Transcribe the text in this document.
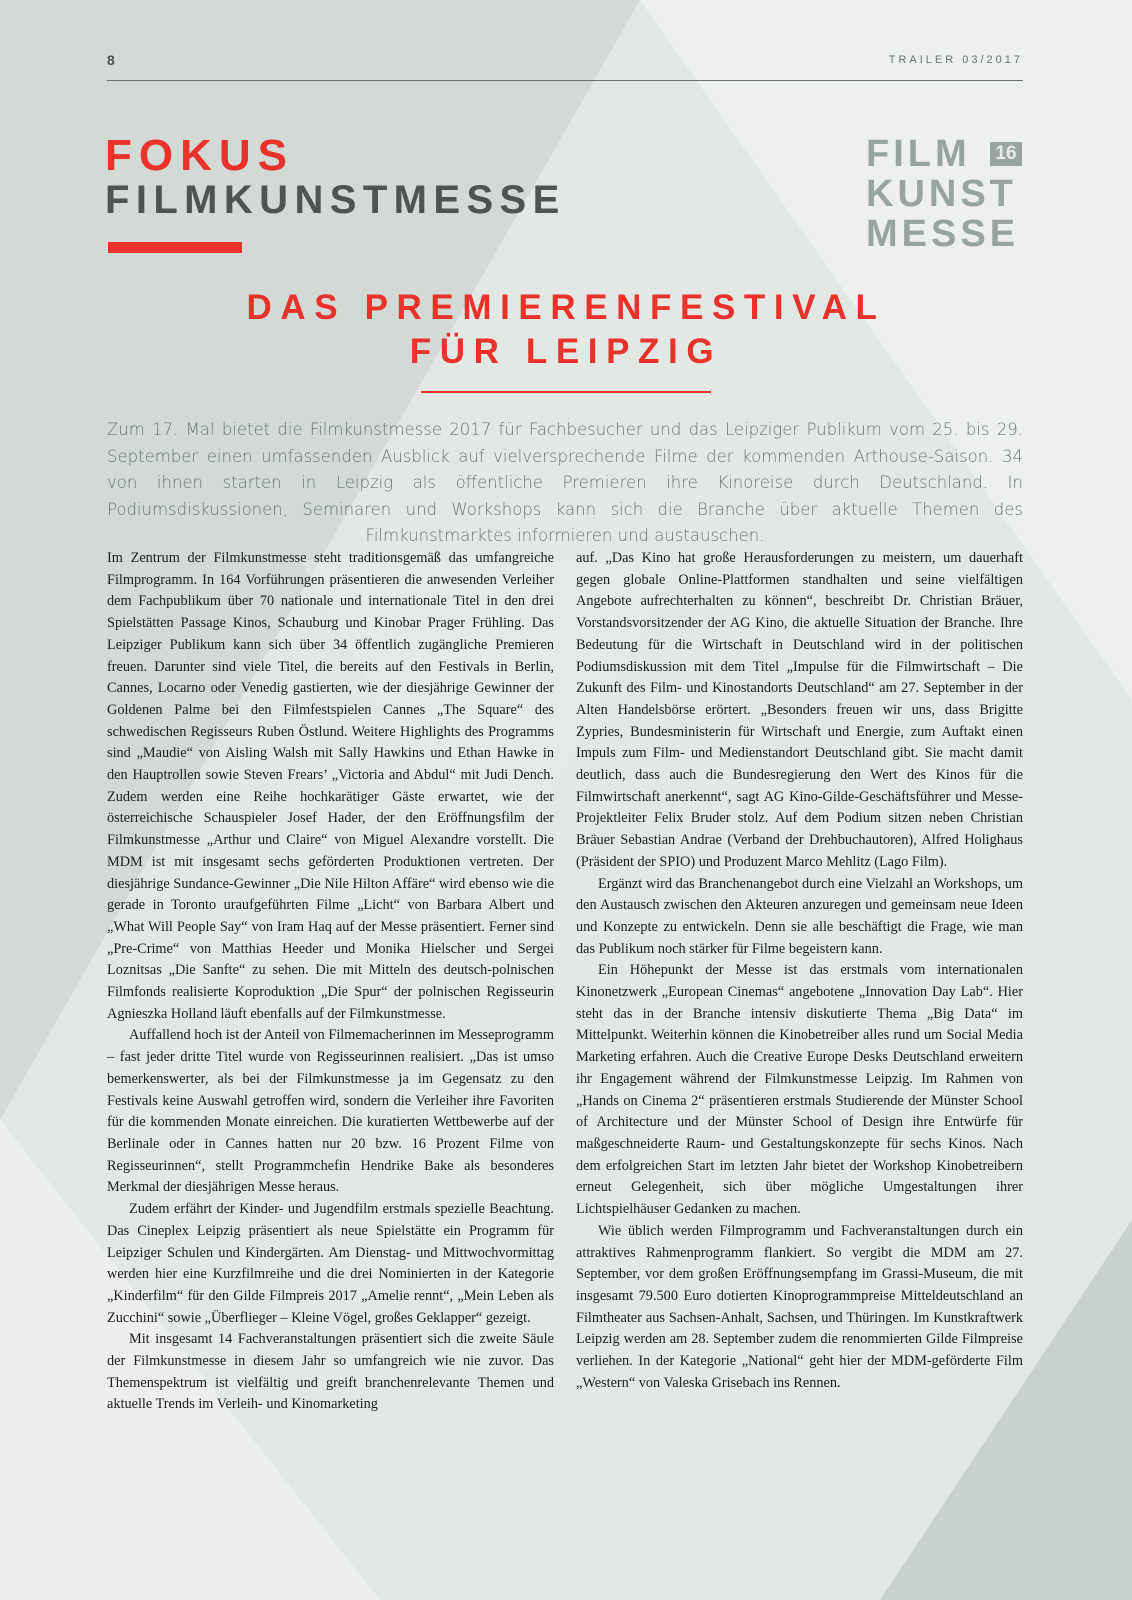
8	TRAILER 03/2017
FOKUS
FILMKUNSTMESSE
FILM
KUNST
MESSE
16
DAS PREMIERENFESTIVAL
FÜR LEIPZIG
Zum 17. Mal bietet die Filmkunstmesse 2017 für Fachbesucher und das Leipziger Publikum vom 25. bis 29. September einen umfassenden Ausblick auf vielversprechende Filme der kommenden Arthouse-Saison. 34 von ihnen starten in Leipzig als öffentliche Premieren ihre Kinoreise durch Deutschland. In Podiumsdiskussionen, Seminaren und Workshops kann sich die Branche über aktuelle Themen des Filmkunstmarktes informieren und austauschen.

Im Zentrum der Filmkunstmesse steht traditionsgemäß das umfangreiche Filmprogramm. In 164 Vorführungen präsentieren die anwesenden Verleiher dem Fachpublikum über 70 nationale und internationale Titel in den drei Spielstätten Passage Kinos, Schauburg und Kinobar Prager Frühling. Das Leipziger Publikum kann sich über 34 öffentlich zugängliche Premieren freuen. Darunter sind viele Titel, die bereits auf den Festivals in Berlin, Cannes, Locarno oder Venedig gastierten, wie der diesjährige Gewinner der Goldenen Palme bei den Filmfestspielen Cannes „The Square“ des schwedischen Regisseurs Ruben Östlund. Weitere Highlights des Programms sind „Maudie“ von Aisling Walsh mit Sally Hawkins und Ethan Hawke in den Hauptrollen sowie Steven Frears’ „Victoria and Abdul“ mit Judi Dench. Zudem werden eine Reihe hochkarätiger Gäste erwartet, wie der österreichische Schauspieler Josef Hader, der den Eröffnungsfilm der Filmkunstmesse „Arthur und Claire“ von Miguel Alexandre vorstellt. Die MDM ist mit insgesamt sechs geförderten Produktionen vertreten. Der diesjährige Sundance-Gewinner „Die Nile Hilton Affäre“ wird ebenso wie die gerade in Toronto uraufgeführten Filme „Licht“ von Barbara Albert und „What Will People Say“ von Iram Haq auf der Messe präsentiert. Ferner sind „Pre-Crime“ von Matthias Heeder und Monika Hielscher und Sergei Loznitsas „Die Sanfte“ zu sehen. Die mit Mitteln des deutsch-polnischen Filmfonds realisierte Koproduktion „Die Spur“ der polnischen Regisseurin Agnieszka Holland läuft ebenfalls auf der Filmkunstmesse.

Auffallend hoch ist der Anteil von Filmemacherinnen im Messeprogramm – fast jeder dritte Titel wurde von Regisseurinnen realisiert. „Das ist umso bemerkenswerter, als bei der Filmkunstmesse ja im Gegensatz zu den Festivals keine Auswahl getroffen wird, sondern die Verleiher ihre Favoriten für die kommenden Monate einreichen. Die kuratierten Wettbewerbe auf der Berlinale oder in Cannes hatten nur 20 bzw. 16 Prozent Filme von Regisseurinnen“, stellt Programmchefin Hendrike Bake als besonderes Merkmal der diesjährigen Messe heraus.

Zudem erfährt der Kinder- und Jugendfilm erstmals spezielle Beachtung. Das Cineplex Leipzig präsentiert als neue Spielstätte ein Programm für Leipziger Schulen und Kindergärten. Am Dienstag- und Mittwochvormittag werden hier eine Kurzfilmreihe und die drei Nominierten in der Kategorie „Kinderfilm“ für den Gilde Filmpreis 2017 „Amelie rennt“, „Mein Leben als Zucchini“ sowie „Überflieger – Kleine Vögel, großes Geklapper“ gezeigt.

Mit insgesamt 14 Fachveranstaltungen präsentiert sich die zweite Säule der Filmkunstmesse in diesem Jahr so umfangreich wie nie zuvor. Das Themenspektrum ist vielfältig und greift branchenrelevante Themen und aktuelle Trends im Verleih- und Kinomarketing

auf. „Das Kino hat große Herausforderungen zu meistern, um dauerhaft gegen globale Online-Plattformen standhalten und seine vielfältigen Angebote aufrechterhalten zu können“, beschreibt Dr. Christian Bräuer, Vorstandsvorsitzender der AG Kino, die aktuelle Situation der Branche. Ihre Bedeutung für die Wirtschaft in Deutschland wird in der politischen Podiumsdiskussion mit dem Titel „Impulse für die Filmwirtschaft – Die Zukunft des Film- und Kinostandorts Deutschland“ am 27. September in der Alten Handelsbörse erörtert. „Besonders freuen wir uns, dass Brigitte Zypries, Bundesministerin für Wirtschaft und Energie, zum Auftakt einen Impuls zum Film- und Medienstandort Deutschland gibt. Sie macht damit deutlich, dass auch die Bundesregierung den Wert des Kinos für die Filmwirtschaft anerkennt“, sagt AG Kino-Gilde-Geschäftsführer und Messe-Projektleiter Felix Bruder stolz. Auf dem Podium sitzen neben Christian Bräuer Sebastian Andrae (Verband der Drehbuchautoren), Alfred Holighaus (Präsident der SPIO) und Produzent Marco Mehlitz (Lago Film).

Ergänzt wird das Branchenangebot durch eine Vielzahl an Workshops, um den Austausch zwischen den Akteuren anzuregen und gemeinsam neue Ideen und Konzepte zu entwickeln. Denn sie alle beschäftigt die Frage, wie man das Publikum noch stärker für Filme begeistern kann.

Ein Höhepunkt der Messe ist das erstmals vom internationalen Kinonetzwerk „European Cinemas“ angebotene „Innovation Day Lab“. Hier steht das in der Branche intensiv diskutierte Thema „Big Data“ im Mittelpunkt. Weiterhin können die Kinobetreiber alles rund um Social Media Marketing erfahren. Auch die Creative Europe Desks Deutschland erweitern ihr Engagement während der Filmkunstmesse Leipzig. Im Rahmen von „Hands on Cinema 2“ präsentieren erstmals Studierende der Münster School of Architecture und der Münster School of Design ihre Entwürfe für maßgeschneiderte Raum- und Gestaltungskonzepte für sechs Kinos. Nach dem erfolgreichen Start im letzten Jahr bietet der Workshop Kinobetreibern erneut Gelegenheit, sich über mögliche Umgestaltungen ihrer Lichtspielhäuser Gedanken zu machen.

Wie üblich werden Filmprogramm und Fachveranstaltungen durch ein attraktives Rahmenprogramm flankiert. So vergibt die MDM am 27. September, vor dem großen Eröffnungsempfang im Grassi-Museum, die mit insgesamt 79.500 Euro dotierten Kinoprogrammpreise Mitteldeutschland an Filmtheater aus Sachsen-Anhalt, Sachsen, und Thüringen. Im Kunstkraftwerk Leipzig werden am 28. September zudem die renommierten Gilde Filmpreise verliehen. In der Kategorie „National“ geht hier der MDM-geförderte Film „Western“ von Valeska Grisebach ins Rennen.
